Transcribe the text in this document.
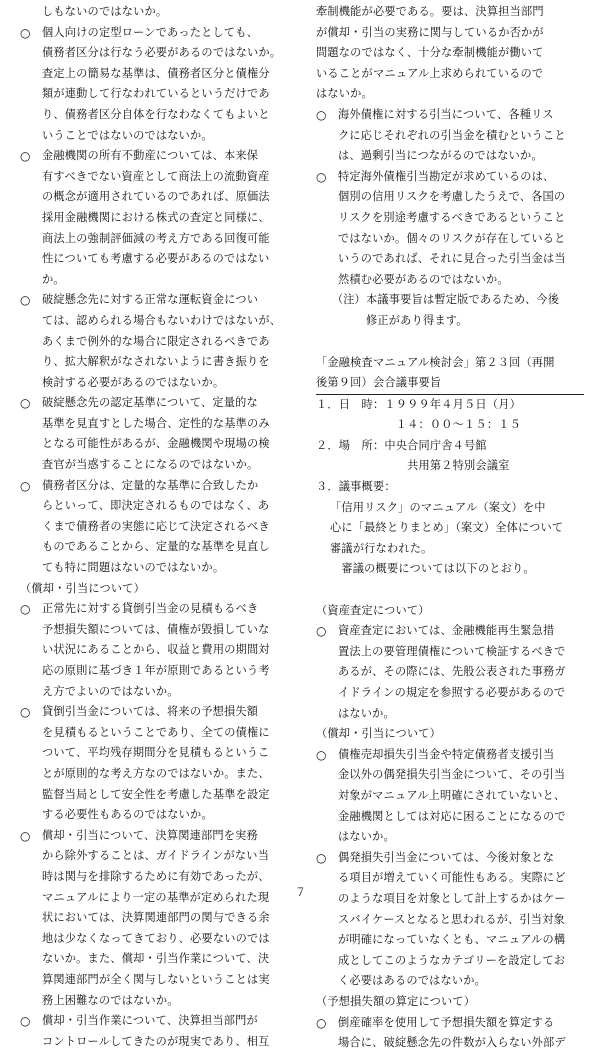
しもないのではないか。
○	個人向けの定型ローンであったとしても、
債務者区分は行なう必要があるのではないか。
査定上の簡易な基準は、債務者区分と債権分
類が連動して行なわれているというだけであ
り、債務者区分自体を行なわなくてもよいと
いうことではないのではないか。
○	金融機関の所有不動産については、本来保
有すべきでない資産として商法上の流動資産
の概念が適用されているのであれば、原価法
採用金融機関における株式の査定と同様に、
商法上の強制評価減の考え方である回復可能
性についても考慮する必要があるのではない
か。
○	破綻懸念先に対する正常な運転資金につい
ては、認められる場合もないわけではないが、
あくまで例外的な場合に限定されるべきであ
り、拡大解釈がなされないように書き振りを
検討する必要があるのではないか。
○	破綻懸念先の認定基準について、定量的な
基準を見直すとした場合、定性的な基準のみ
となる可能性があるが、金融機関や現場の検
査官が当惑することになるのではないか。
○	債務者区分は、定量的な基準に合致したか
らといって、即決定されるものではなく、あ
くまで債務者の実態に応じて決定されるべき
ものであることから、定量的な基準を見直し
ても特に問題はないのではないか。
（償却・引当について）
○	正常先に対する貸倒引当金の見積もるべき
予想損失額については、債権が毀損していな
い状況にあることから、収益と費用の期間対
応の原則に基づき１年が原則であるという考
え方でよいのではないか。
○	貸倒引当金については、将来の予想損失額
を見積もるということであり、全ての債権に
ついて、平均残存期間分を見積もるというこ
とが原則的な考え方なのではないか。また、
監督当局として安全性を考慮した基準を設定
する必要性もあるのではないか。
○	償却・引当について、決算関連部門を実務
から除外することは、ガイドラインがない当
時は関与を排除するために有効であったが、
マニュアルにより一定の基準が定められた現
状においては、決算関連部門の関与できる余
地は少なくなってきており、必要ないのでは
ないか。また、償却・引当作業について、決
算関連部門が全く関与しないということは実
務上困難なのではないか。
○	償却・引当作業について、決算担当部門が
コントロールしてきたのが現実であり、相互
牽制機能が必要である。要は、決算担当部門
が償却・引当の実務に関与しているか否かが
問題なのではなく、十分な牽制機能が働いて
いることがマニュアル上求められているので
はないか。
○	海外債権に対する引当について、各種リス
クに応じそれぞれの引当金を積むということ
は、過剰引当につながるのではないか。
○	特定海外債権引当勘定が求めているのは、
個別の信用リスクを考慮したうえで、各国の
リスクを別途考慮するべきであるということ
ではないか。個々のリスクが存在していると
いうのであれば、それに見合った引当金は当
然積む必要があるのではないか。
（注） 本議事要旨は暫定版であるため、今後
修正があり得ます。
「金融検査マニュアル検討会」第２３回（再開
後第９回）会合議事要旨
１．日　時：１９９９年４月５日（月）
　　　　　　　１４：００～１５：１５
２．場　所：中央合同庁舎４号館
　　　　　　　　共用第２特別会議室
３．議事概要：
「信用リスク」のマニュアル（案文）を中
心に「最終とりまとめ」（案文）全体について
審議が行なわれた。
　審議の概要については以下のとおり。
（資産査定について）
○	資産査定においては、金融機能再生緊急措
置法上の要管理債権について検証するべきで
あるが、その際には、先般公表された事務ガ
イドラインの規定を参照する必要があるので
はないか。
（償却・引当について）
○	債権売却損失引当金や特定債務者支援引当
金以外の偶発損失引当金について、その引当
対象がマニュアル上明確にされていないと、
金融機関としては対応に困ることになるので
はないか。
○	偶発損失引当金については、今後対象とな
る項目が増えていく可能性もある。実際にど
のような項目を対象として計上するかはケー
スバイケースとなると思われるが、引当対象
が明確になっていなくとも、マニュアルの構
成としてこのようなカテゴリーを設定してお
く必要はあるのではないか。
（予想損失額の算定について）
○	倒産確率を使用して予想損失額を算定する
場合に、破綻懸念先の件数が入らない外部デ
７
